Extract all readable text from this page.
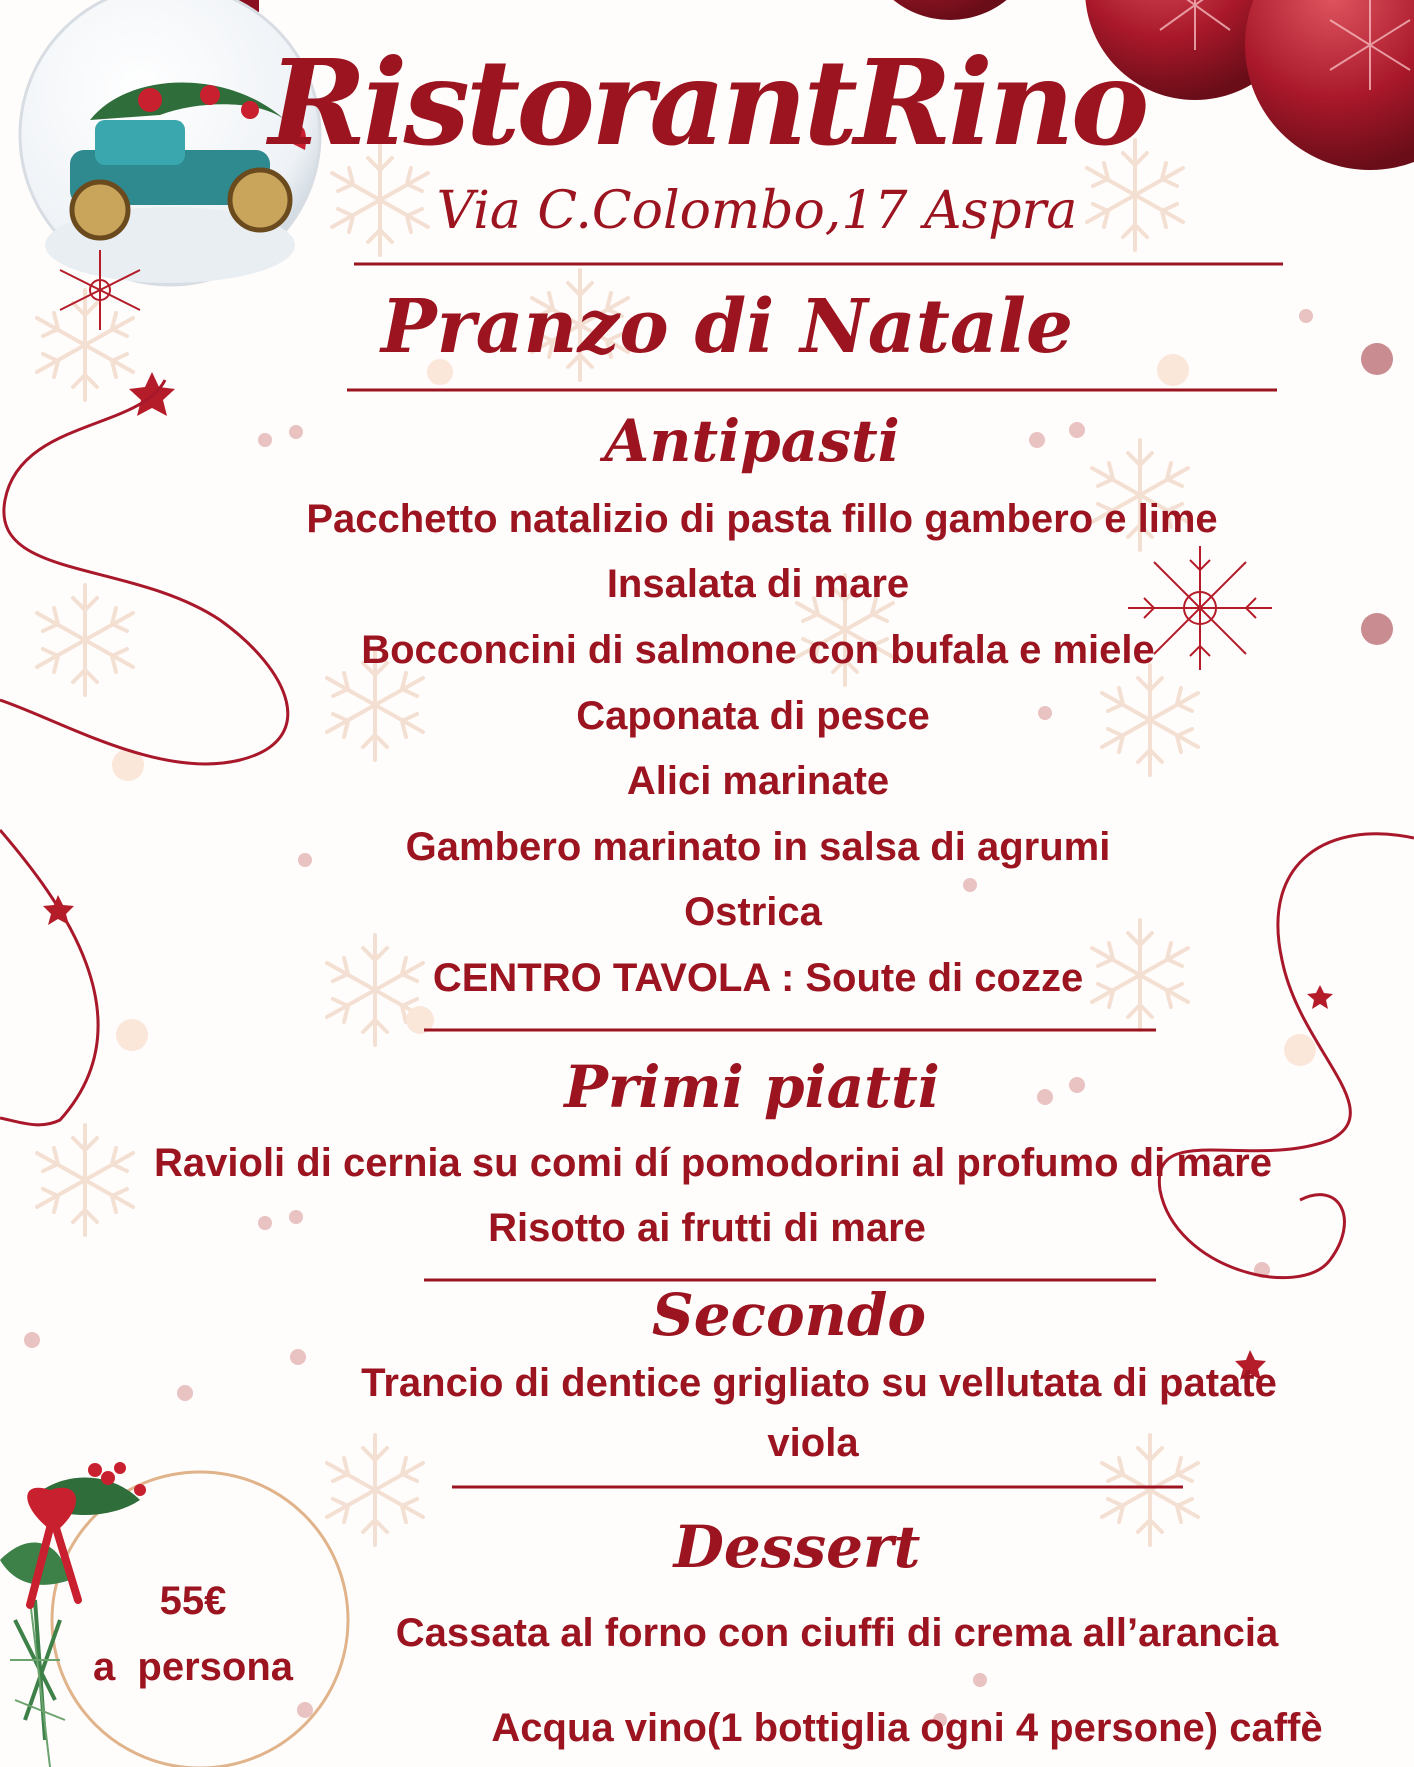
RistorantRino
Via C.Colombo,17 Aspra
Pranzo di Natale
Antipasti

Pacchetto natalizio di pasta fillo gambero e lime

Insalata di mare

Bocconcini di salmone con bufala e miele

Caponata di pesce

Alici marinate

Gambero marinato in salsa di agrumi

Ostrica

CENTRO TAVOLA : Soute di cozze

Primi piatti

Ravioli di cernia su comi dí pomodorini al profumo di mare

Risotto ai frutti di mare

Secondo

Trancio di dentice grigliato su vellutata di patate

viola

Dessert

Cassata al forno con ciuffi di crema all’arancia

Acqua vino(1 bottiglia ogni 4 persone) caffè

55€
a  persona
